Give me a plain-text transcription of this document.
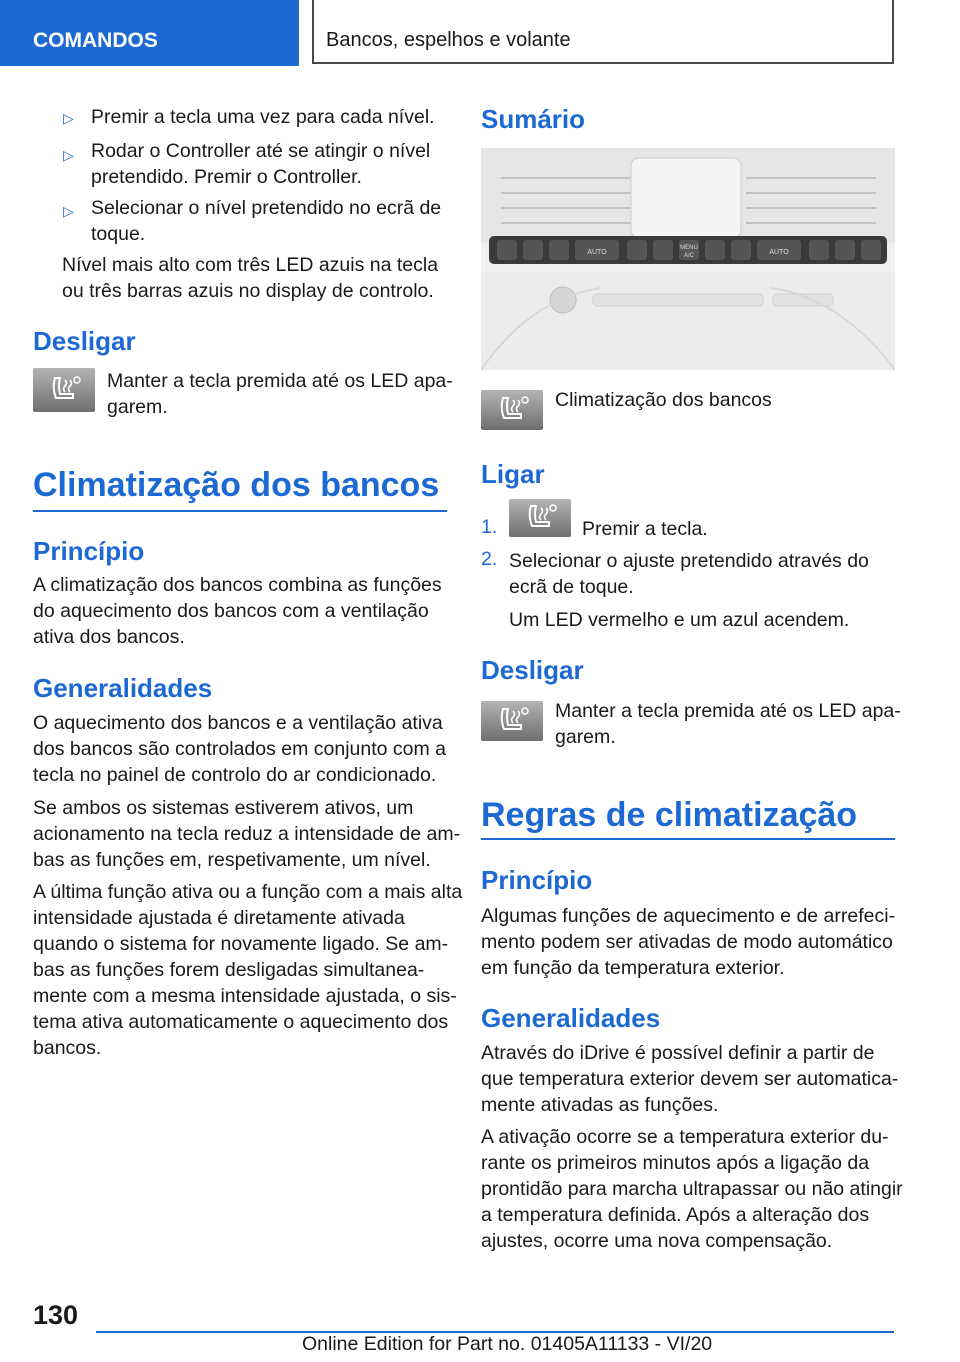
COMANDOS	Bancos, espelhos e volante
▷ Premir a tecla uma vez para cada nível.

▷ Rodar o Controller até se atingir o nível

pretendido. Premir o Controller.

▷ Selecionar o nível pretendido no ecrã de

toque.

Nível mais alto com três LED azuis na tecla

ou três barras azuis no display de controlo.

Desligar

Manter a tecla premida até os LED apa‐

garem.

Climatização dos bancos
Princípio

A climatização dos bancos combina as funções

do aquecimento dos bancos com a ventilação

ativa dos bancos.

Generalidades

O aquecimento dos bancos e a ventilação ativa

dos bancos são controlados em conjunto com a

tecla no painel de controlo do ar condicionado.

Se ambos os sistemas estiverem ativos, um

acionamento na tecla reduz a intensidade de am‐

bas as funções em, respetivamente, um nível.

A última função ativa ou a função com a mais alta

intensidade ajustada é diretamente ativada

quando o sistema for novamente ligado. Se am‐

bas as funções forem desligadas simultanea‐

mente com a mesma intensidade ajustada, o sis‐

tema ativa automaticamente o aquecimento dos

bancos.

Sumário
AUTO
MENU
A/C	AUTO

Climatização dos bancos

Ligar
1.	Premir a tecla.

2. Selecionar o ajuste pretendido através do

ecrã de toque.

Um LED vermelho e um azul acendem.

Desligar

Manter a tecla premida até os LED apa‐

garem.

Regras de climatização
Princípio

Algumas funções de aquecimento e de arrefeci‐

mento podem ser ativadas de modo automático

em função da temperatura exterior.

Generalidades

Através do iDrive é possível definir a partir de

que temperatura exterior devem ser automatica‐

mente ativadas as funções.

A ativação ocorre se a temperatura exterior du‐

rante os primeiros minutos após a ligação da

prontidão para marcha ultrapassar ou não atingir

a temperatura definida. Após a alteração dos

ajustes, ocorre uma nova compensação.

130
Online Edition for Part no. 01405A11133 - VI/20
